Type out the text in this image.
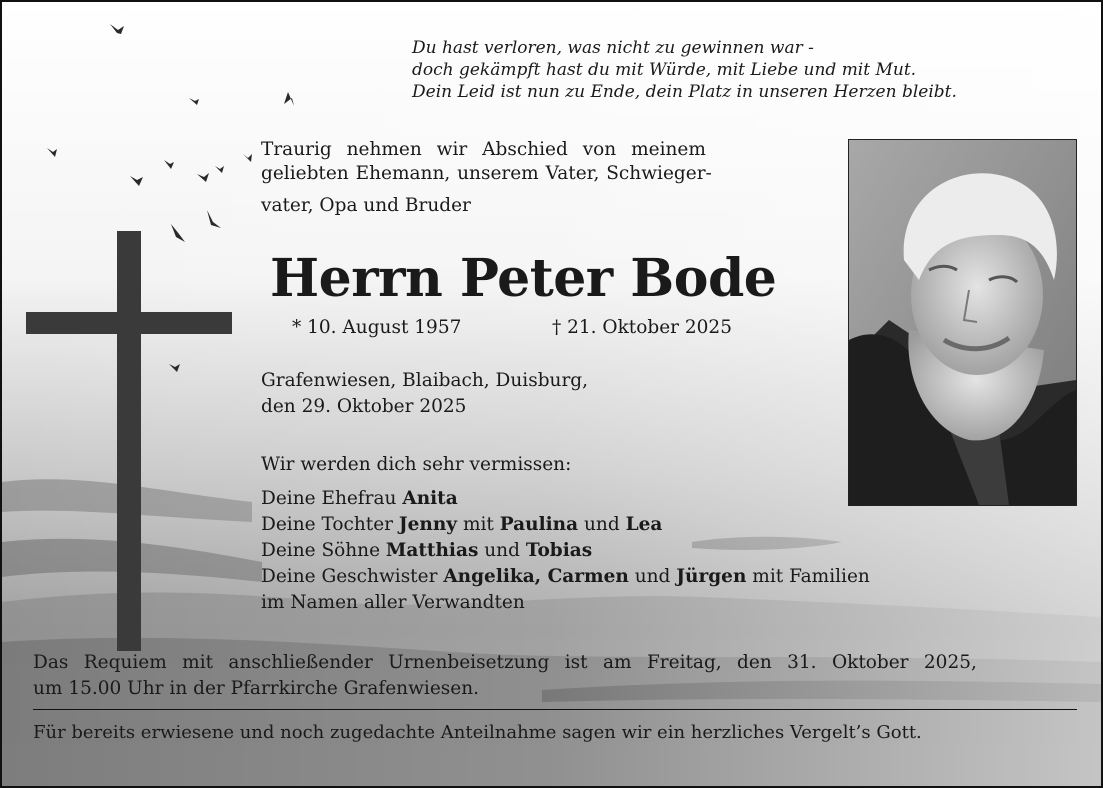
Du hast verloren, was nicht zu gewinnen war -
doch gekämpft hast du mit Würde, mit Liebe und mit Mut.
Dein Leid ist nun zu Ende, dein Platz in unseren Herzen bleibt.
Traurig nehmen wir Abschied von meinem
geliebten Ehemann, unserem Vater, Schwieger-
vater, Opa und Bruder
Herrn Peter Bode
* 10. August 1957	† 21. Oktober 2025
Grafenwiesen, Blaibach, Duisburg,
den 29. Oktober 2025
Wir werden dich sehr vermissen:
Deine Ehefrau Anita
Deine Tochter Jenny mit Paulina und Lea
Deine Söhne Matthias und Tobias
Deine Geschwister Angelika, Carmen und Jürgen mit Familien
im Namen aller Verwandten
Das Requiem mit anschließender Urnenbeisetzung ist am Freitag, den 31. Oktober 2025,
um 15.00 Uhr in der Pfarrkirche Grafenwiesen.
Für bereits erwiesene und noch zugedachte Anteilnahme sagen wir ein herzliches Vergelt’s Gott.
